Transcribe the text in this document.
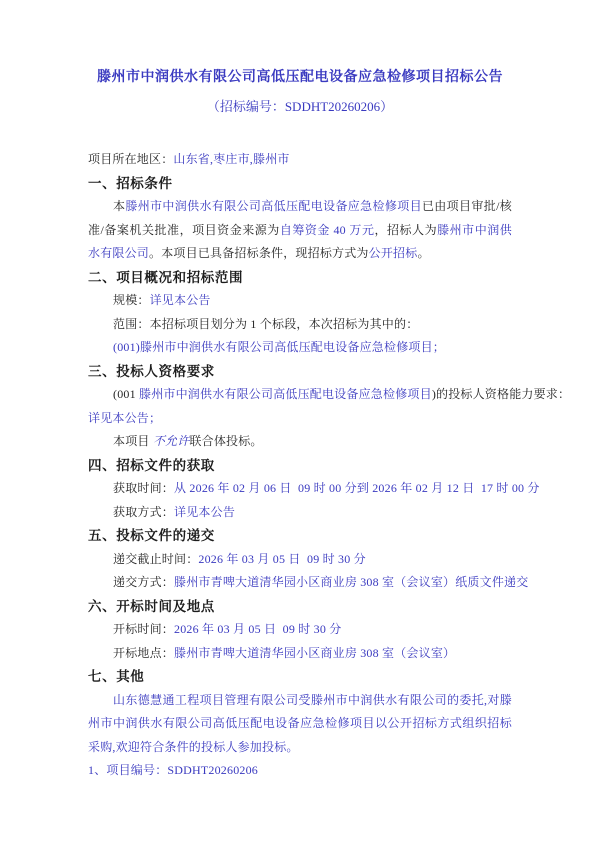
滕州市中润供水有限公司高低压配电设备应急检修项目招标公告
（招标编号：SDDHT20260206）
项目所在地区：山东省,枣庄市,滕州市
一、招标条件
本滕州市中润供水有限公司高低压配电设备应急检修项目已由项目审批/核准/备案机关批准，项目资金来源为自筹资金 40 万元，招标人为滕州市中润供水有限公司。本项目已具备招标条件，现招标方式为公开招标。
二、项目概况和招标范围
规模：详见本公告
范围：本招标项目划分为 1 个标段，本次招标为其中的：
(001)滕州市中润供水有限公司高低压配电设备应急检修项目；
三、投标人资格要求
(001 滕州市中润供水有限公司高低压配电设备应急检修项目)的投标人资格能力要求：
详见本公告；
本项目 不允许联合体投标。
四、招标文件的获取
获取时间：从 2026 年 02 月 06 日  09 时 00 分到 2026 年 02 月 12 日  17 时 00 分
获取方式：详见本公告
五、投标文件的递交
递交截止时间：2026 年 03 月 05 日  09 时 30 分
递交方式：滕州市青啤大道清华园小区商业房 308 室（会议室）纸质文件递交
六、开标时间及地点
开标时间：2026 年 03 月 05 日  09 时 30 分
开标地点：滕州市青啤大道清华园小区商业房 308 室（会议室）
七、其他
山东德慧通工程项目管理有限公司受滕州市中润供水有限公司的委托,对滕州市中润供水有限公司高低压配电设备应急检修项目以公开招标方式组织招标采购,欢迎符合条件的投标人参加投标。
1、项目编号：SDDHT20260206
